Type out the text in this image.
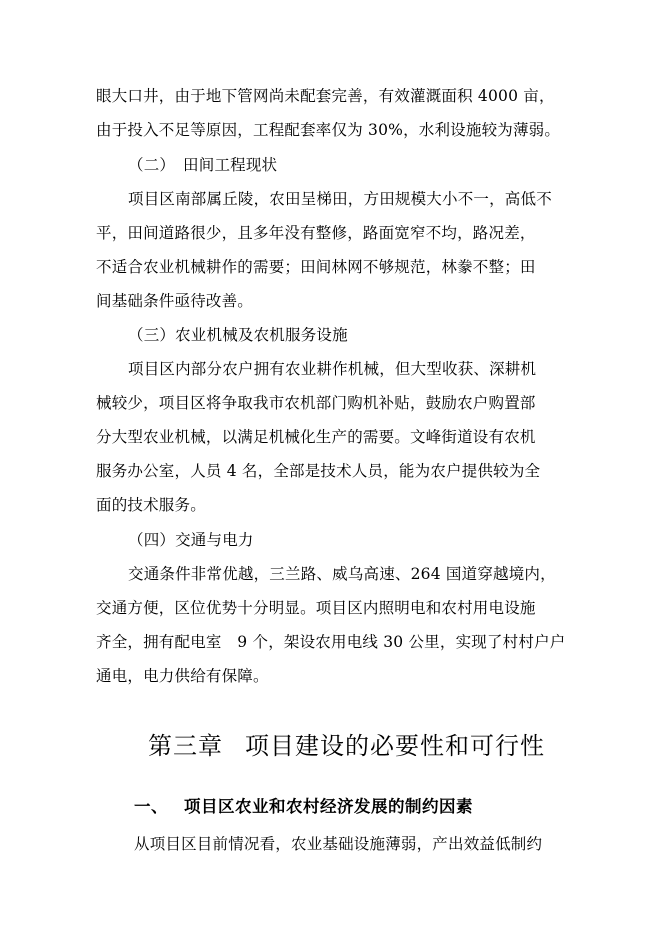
眼大口井，由于地下管网尚未配套完善，有效灌溉面积 4000 亩，
由于投入不足等原因，工程配套率仅为 30%，水利设施较为薄弱。
（二）　田间工程现状
项目区南部属丘陵，农田呈梯田，方田规模大小不一，高低不
平，田间道路很少，且多年没有整修，路面宽窄不均，路况差，
不适合农业机械耕作的需要；田间林网不够规范，林豢不整；田
间基础条件亟待改善。
（三）农业机械及农机服务设施
项目区内部分农户拥有农业耕作机械，但大型收获、深耕机
械较少，项目区将争取我市农机部门购机补贴，鼓励农户购置部
分大型农业机械，以满足机械化生产的需要。文峰街道设有农机
服务办公室，人员 4 名，全部是技术人员，能为农户提供较为全
面的技术服务。
（四）交通与电力
交通条件非常优越，三兰路、威乌高速、264 国道穿越境内，
交通方便，区位优势十分明显。项目区内照明电和农村用电设施
齐全，拥有配电室　9 个，架设农用电线 30 公里，实现了村村户户
通电，电力供给有保障。
第三章 项目建设的必要性和可行性
一、 项目区农业和农村经济发展的制约因素
从项目区目前情况看，农业基础设施薄弱，产出效益低制约
